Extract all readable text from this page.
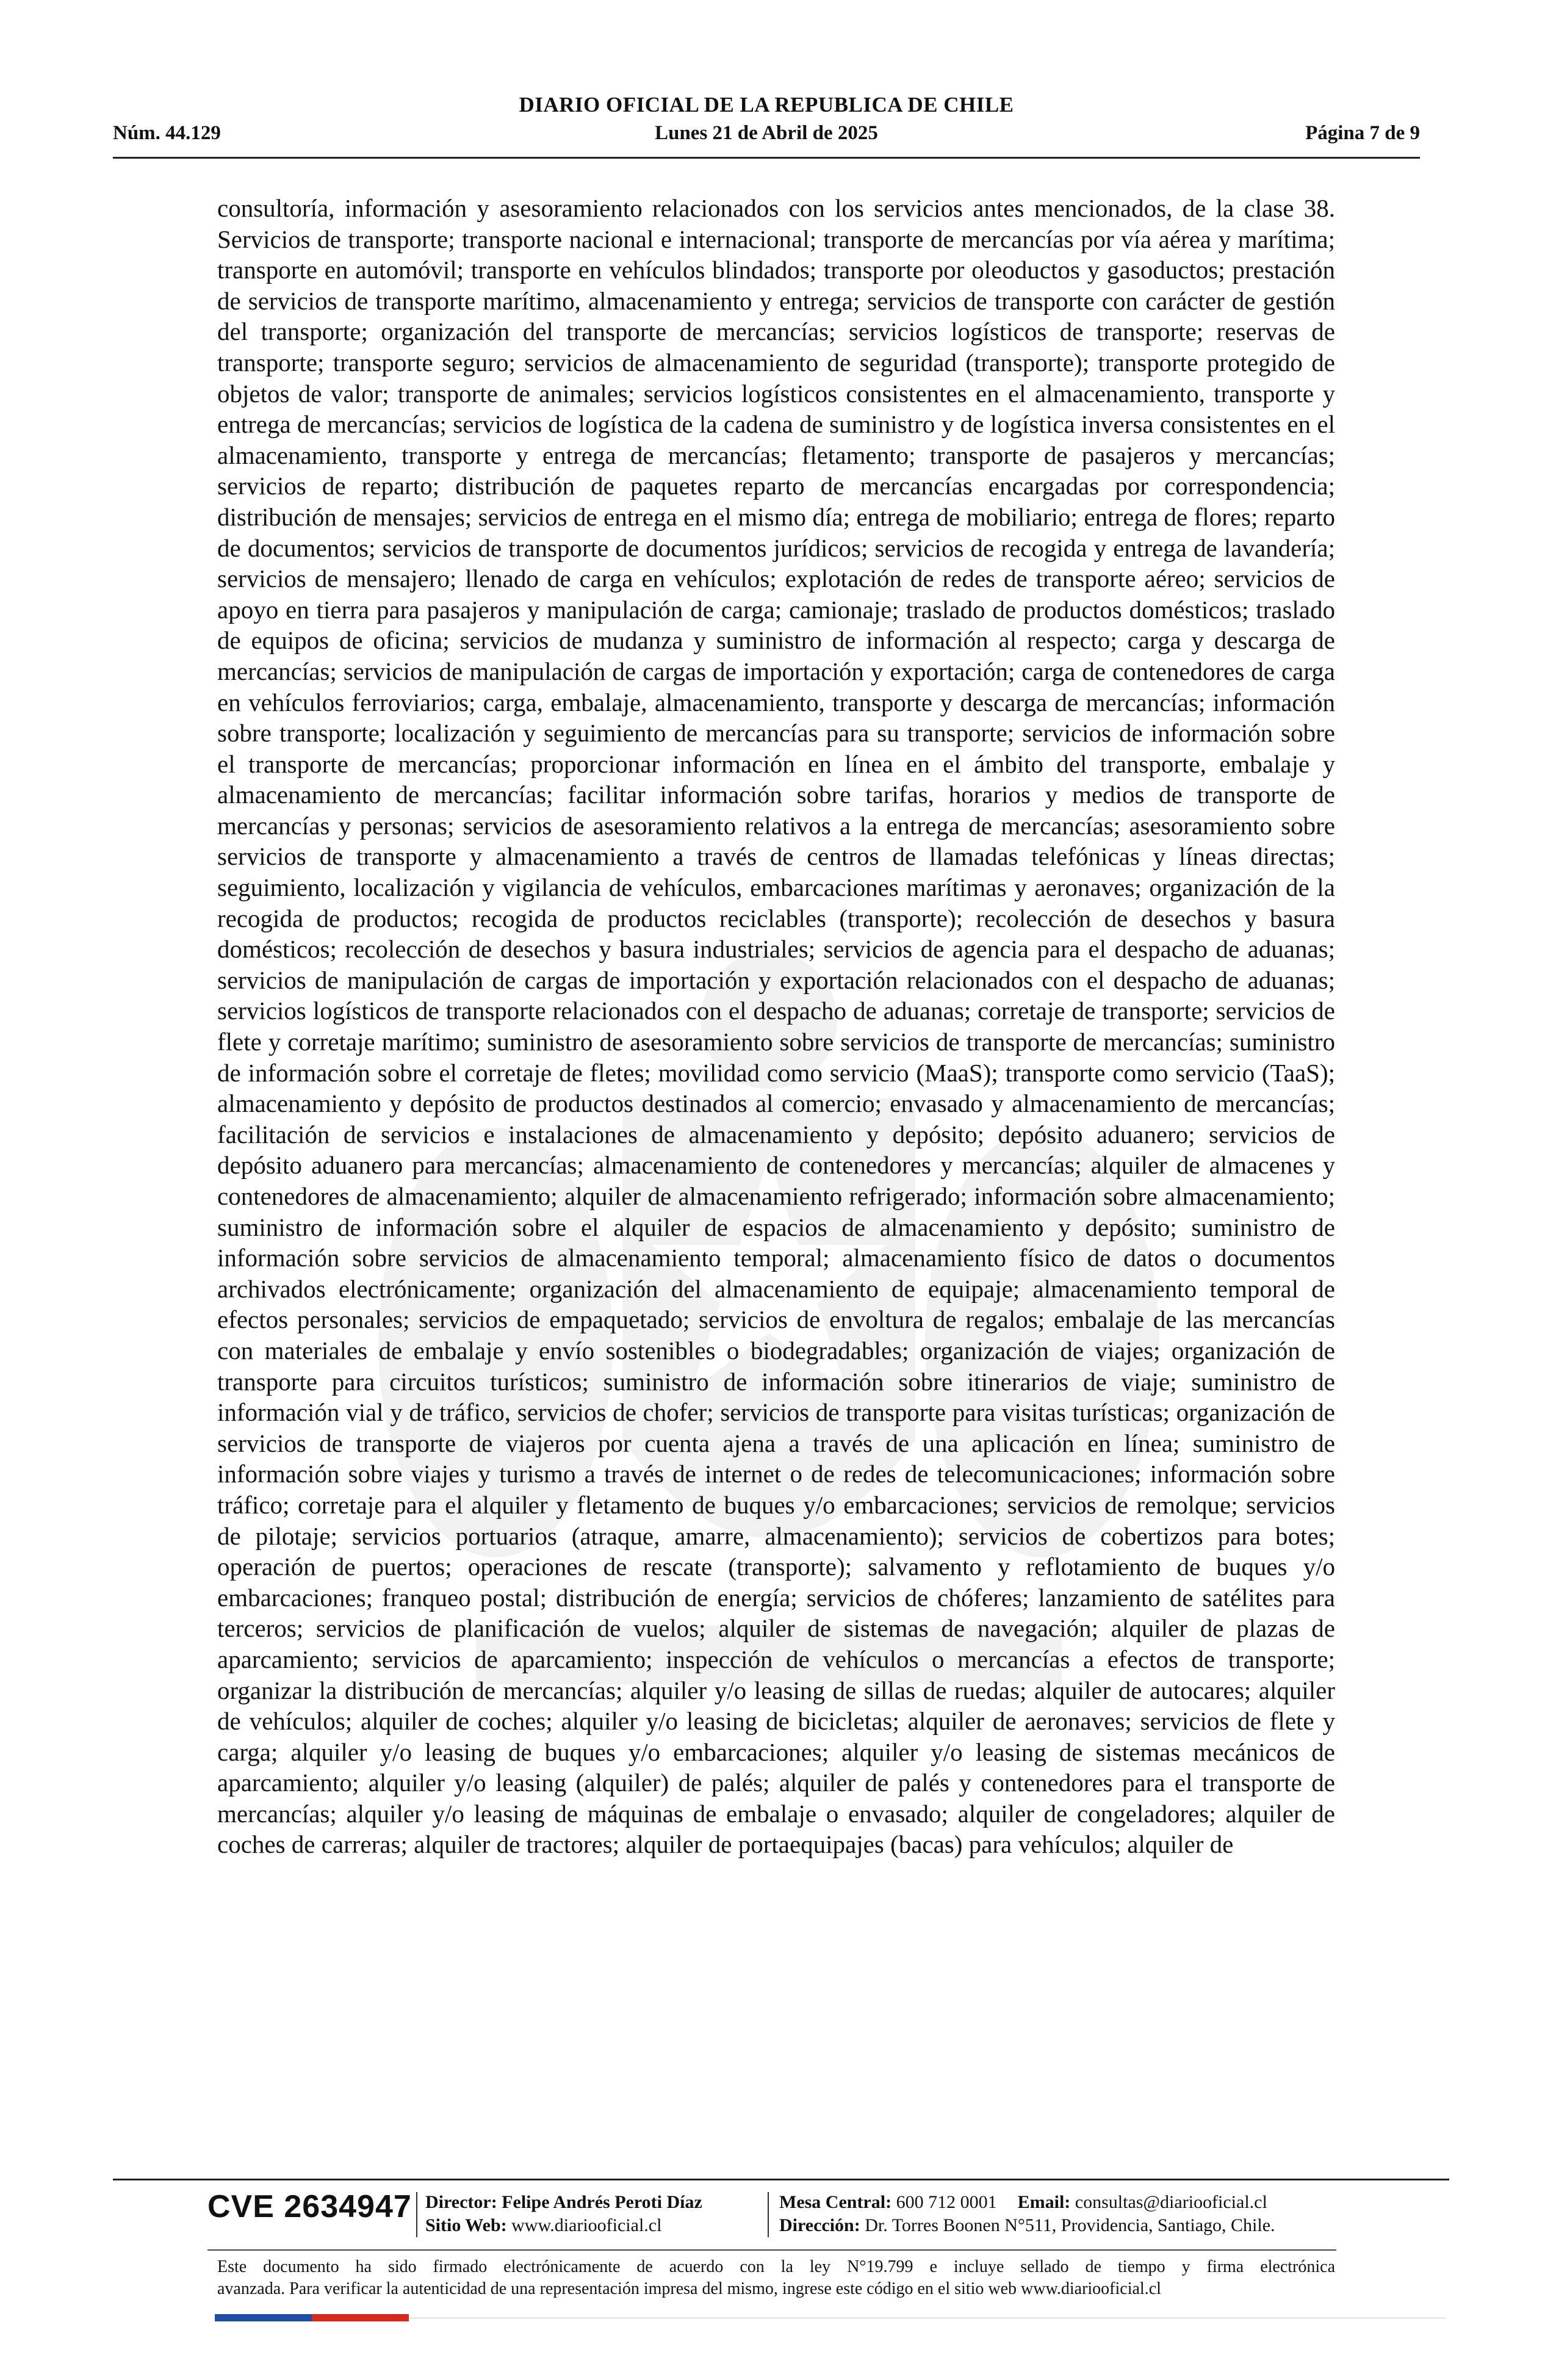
DIARIO OFICIAL DE LA REPUBLICA DE CHILE
Núm. 44.129	Lunes 21 de Abril de 2025	Página 7 de 9

consultoría, información y asesoramiento relacionados con los servicios antes mencionados, de la clase 38. Servicios de transporte; transporte nacional e internacional; transporte de mercancías por vía aérea y marítima; transporte en automóvil; transporte en vehículos blindados; transporte por oleoductos y gasoductos; prestación de servicios de transporte marítimo, almacenamiento y entrega; servicios de transporte con carácter de gestión del transporte; organización del transporte de mercancías; servicios logísticos de transporte; reservas de transporte; transporte seguro; servicios de almacenamiento de seguridad (transporte); transporte protegido de objetos de valor; transporte de animales; servicios logísticos consistentes en el almacenamiento, transporte y entrega de mercancías; servicios de logística de la cadena de suministro y de logística inversa consistentes en el almacenamiento, transporte y entrega de mercancías; fletamento; transporte de pasajeros y mercancías; servicios de reparto; distribución de paquetes reparto de mercancías encargadas por correspondencia; distribución de mensajes; servicios de entrega en el mismo día; entrega de mobiliario; entrega de flores; reparto de documentos; servicios de transporte de documentos jurídicos; servicios de recogida y entrega de lavandería; servicios de mensajero; llenado de carga en vehículos; explotación de redes de transporte aéreo; servicios de apoyo en tierra para pasajeros y manipulación de carga; camionaje; traslado de productos domésticos; traslado de equipos de oficina; servicios de mudanza y suministro de información al respecto; carga y descarga de mercancías; servicios de manipulación de cargas de importación y exportación; carga de contenedores de carga en vehículos ferroviarios; carga, embalaje, almacenamiento, transporte y descarga de mercancías; información sobre transporte; localización y seguimiento de mercancías para su transporte; servicios de información sobre el transporte de mercancías; proporcionar información en línea en el ámbito del transporte, embalaje y almacenamiento de mercancías; facilitar información sobre tarifas, horarios y medios de transporte de mercancías y personas; servicios de asesoramiento relativos a la entrega de mercancías; asesoramiento sobre servicios de transporte y almacenamiento a través de centros de llamadas telefónicas y líneas directas; seguimiento, localización y vigilancia de vehículos, embarcaciones marítimas y aeronaves; organización de la recogida de productos; recogida de productos reciclables (transporte); recolección de desechos y basura domésticos; recolección de desechos y basura industriales; servicios de agencia para el despacho de aduanas; servicios de manipulación de cargas de importación y exportación relacionados con el despacho de aduanas; servicios logísticos de transporte relacionados con el despacho de aduanas; corretaje de transporte; servicios de flete y corretaje marítimo; suministro de asesoramiento sobre servicios de transporte de mercancías; suministro de información sobre el corretaje de fletes; movilidad como servicio (MaaS); transporte como servicio (TaaS); almacenamiento y depósito de productos destinados al comercio; envasado y almacenamiento de mercancías; facilitación de servicios e instalaciones de almacenamiento y depósito; depósito aduanero; servicios de depósito aduanero para mercancías; almacenamiento de contenedores y mercancías; alquiler de almacenes y contenedores de almacenamiento; alquiler de almacenamiento refrigerado; información sobre almacenamiento; suministro de información sobre el alquiler de espacios de almacenamiento y depósito; suministro de información sobre servicios de almacenamiento temporal; almacenamiento físico de datos o documentos archivados electrónicamente; organización del almacenamiento de equipaje; almacenamiento temporal de efectos personales; servicios de empaquetado; servicios de envoltura de regalos; embalaje de las mercancías con materiales de embalaje y envío sostenibles o biodegradables; organización de viajes; organización de transporte para circuitos turísticos; suministro de información sobre itinerarios de viaje; suministro de información vial y de tráfico, servicios de chofer; servicios de transporte para visitas turísticas; organización de servicios de transporte de viajeros por cuenta ajena a través de una aplicación en línea; suministro de información sobre viajes y turismo a través de internet o de redes de telecomunicaciones; información sobre tráfico; corretaje para el alquiler y fletamento de buques y/o embarcaciones; servicios de remolque; servicios de pilotaje; servicios portuarios (atraque, amarre, almacenamiento); servicios de cobertizos para botes; operación de puertos; operaciones de rescate (transporte); salvamento y reflotamiento de buques y/o embarcaciones; franqueo postal; distribución de energía; servicios de chóferes; lanzamiento de satélites para terceros; servicios de planificación de vuelos; alquiler de sistemas de navegación; alquiler de plazas de aparcamiento; servicios de aparcamiento; inspección de vehículos o mercancías a efectos de transporte; organizar la distribución de mercancías; alquiler y/o leasing de sillas de ruedas; alquiler de autocares; alquiler de vehículos; alquiler de coches; alquiler y/o leasing de bicicletas; alquiler de aeronaves; servicios de flete y carga; alquiler y/o leasing de buques y/o embarcaciones; alquiler y/o leasing de sistemas mecánicos de aparcamiento; alquiler y/o leasing (alquiler) de palés; alquiler de palés y contenedores para el transporte de mercancías; alquiler y/o leasing de máquinas de embalaje o envasado; alquiler de congeladores; alquiler de coches de carreras; alquiler de tractores; alquiler de portaequipajes (bacas) para vehículos; alquiler de

CVE 2634947 Director: Felipe Andrés Peroti Díaz
Sitio Web: www.diariooficial.cl
Mesa Central: 600 712 0001 Email: consultas@diariooficial.cl
Dirección: Dr. Torres Boonen N°511, Providencia, Santiago, Chile.

Este documento ha sido firmado electrónicamente de acuerdo con la ley N°19.799 e incluye sellado de tiempo y firma electrónica

avanzada. Para verificar la autenticidad de una representación impresa del mismo, ingrese este código en el sitio web www.diariooficial.cl
